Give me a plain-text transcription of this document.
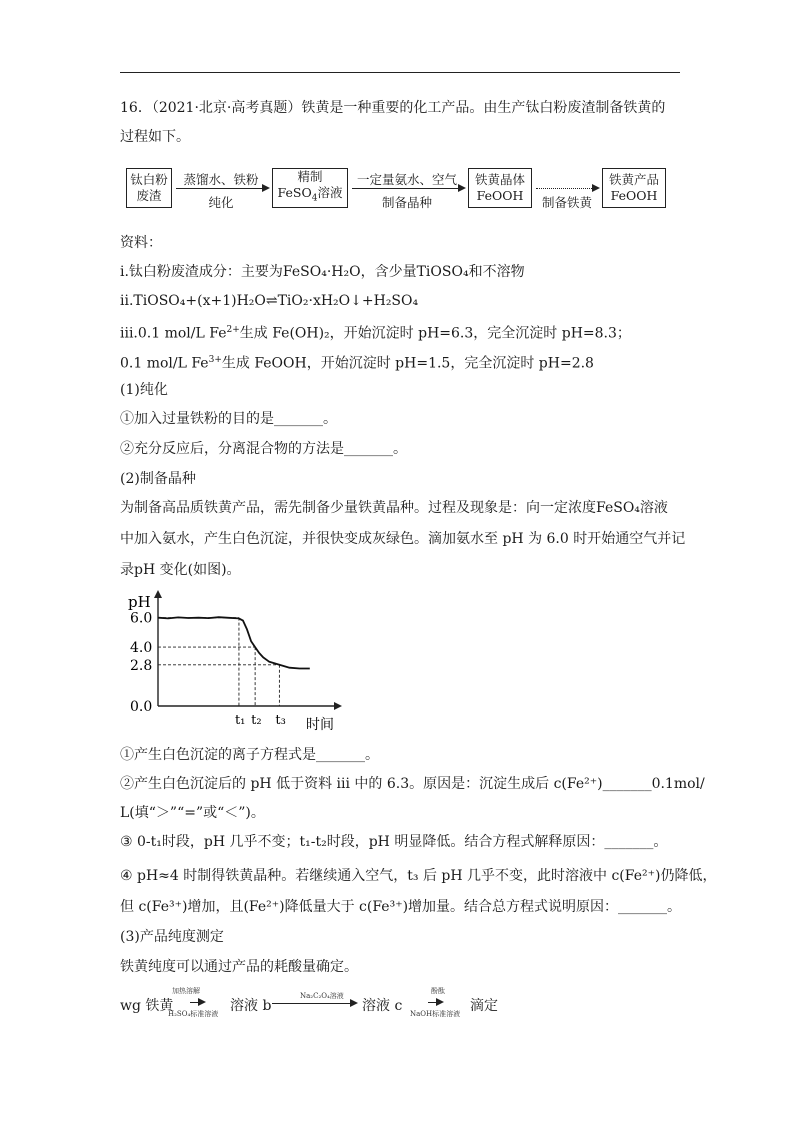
16．（2021·北京·高考真题）铁黄是一种重要的化工产品。由生产钛白粉废渣制备铁黄的
过程如下。
钛白粉
废渣
蒸馏水、铁粉
纯化
精制
FeSO$_4$溶液
一定量氨水、空气
制备晶种
铁黄晶体
FeOOH	制备铁黄
铁黄产品
FeOOH
资料：
i.钛白粉废渣成分：主要为FeSO₄·H₂O，含少量TiOSO₄和不溶物
ii.TiOSO₄+(x+1)H₂O⇌TiO₂·xH₂O↓+H₂SO₄
iii.0.1 mol/L $Fe^{2+}$生成 Fe(OH)₂，开始沉淀时 pH=6.3，完全沉淀时 pH=8.3；
0.1 mol/L $Fe^{3+}$生成 FeOOH，开始沉淀时 pH=1.5，完全沉淀时 pH=2.8
(1)纯化
①加入过量铁粉的目的是_______。
②充分反应后，分离混合物的方法是_______。
(2)制备晶种
为制备高品质铁黄产品，需先制备少量铁黄晶种。过程及现象是：向一定浓度FeSO₄溶液
中加入氨水，产生白色沉淀，并很快变成灰绿色。滴加氨水至 pH 为 6.0 时开始通空气并记
录pH 变化(如图)。
pH
时间
6.0
4.0
2.8
0.0
t₁ t₂ t₃
①产生白色沉淀的离子方程式是_______。
②产生白色沉淀后的 pH 低于资料 iii 中的 6.3。原因是：沉淀生成后 c(Fe²⁺)_______0.1mol/
L(填“＞”“=”或“＜”)。
③ 0-t₁时段，pH 几乎不变；t₁-t₂时段，pH 明显降低。结合方程式解释原因：_______。
④ pH≈4 时制得铁黄晶种。若继续通入空气，t₃ 后 pH 几乎不变，此时溶液中 c(Fe²⁺)仍降低，
但 c(Fe³⁺)增加，且(Fe²⁺)降低量大于 c(Fe³⁺)增加量。结合总方程式说明原因：_______。
(3)产品纯度测定
铁黄纯度可以通过产品的耗酸量确定。
wg 铁黄
加热溶解
H₂SO₄标准溶液 溶液 b
Na₂C₂O₄溶液
溶液 c
酚酞
NaOH标准溶液 滴定
